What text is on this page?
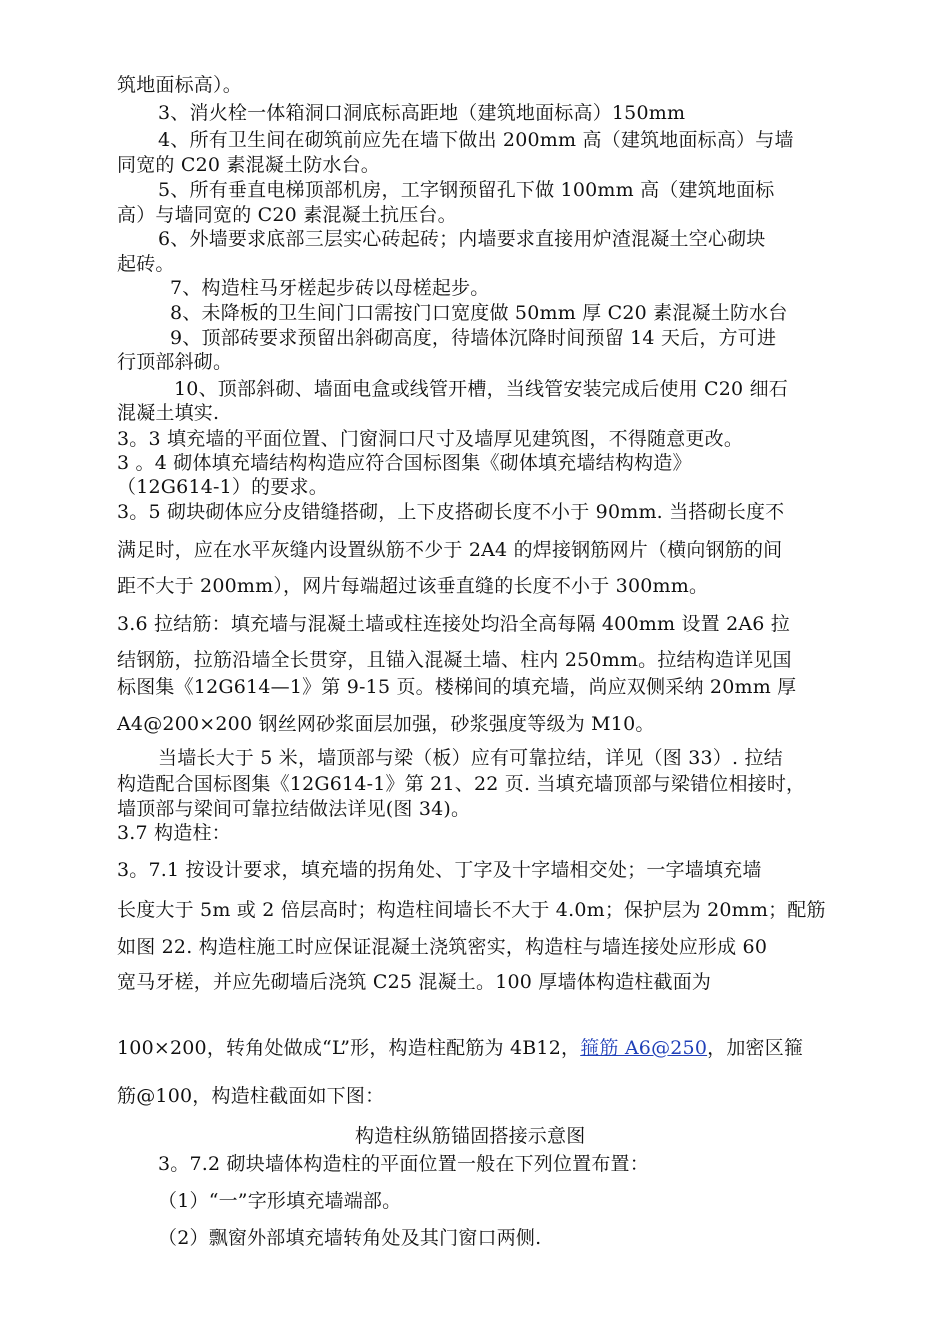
筑地面标高）。
3、消火栓一体箱洞口洞底标高距地（建筑地面标高）150mm
4、所有卫生间在砌筑前应先在墙下做出 200mm 高（建筑地面标高）与墙
同宽的 C20 素混凝土防水台。
5、所有垂直电梯顶部机房，工字钢预留孔下做 100mm 高（建筑地面标
高）与墙同宽的 C20 素混凝土抗压台。
6、外墙要求底部三层实心砖起砖；内墙要求直接用炉渣混凝土空心砌块
起砖。
7、构造柱马牙槎起步砖以母槎起步。
8、未降板的卫生间门口需按门口宽度做 50mm 厚 C20 素混凝土防水台
9、顶部砖要求预留出斜砌高度，待墙体沉降时间预留 14 天后，方可进
行顶部斜砌。
10、顶部斜砌、墙面电盒或线管开槽，当线管安装完成后使用 C20 细石
混凝土填实.
3。3 填充墙的平面位置、门窗洞口尺寸及墙厚见建筑图，不得随意更改。
3 。4 砌体填充墙结构构造应符合国标图集《砌体填充墙结构构造》
（12G614-1）的要求。
3。5 砌块砌体应分皮错缝搭砌，上下皮搭砌长度不小于 90mm. 当搭砌长度不
满足时，应在水平灰缝内设置纵筋不少于 2A4 的焊接钢筋网片（横向钢筋的间
距不大于 200mm），网片每端超过该垂直缝的长度不小于 300mm。
3.6 拉结筋：填充墙与混凝土墙或柱连接处均沿全高每隔 400mm 设置 2A6 拉
结钢筋，拉筋沿墙全长贯穿，且锚入混凝土墙、柱内 250mm。拉结构造详见国
标图集《12G614—1》第 9-15 页。楼梯间的填充墙，尚应双侧采纳 20mm 厚
A4@200×200 钢丝网砂浆面层加强，砂浆强度等级为 M10。
当墙长大于 5 米，墙顶部与梁（板）应有可靠拉结，详见（图 33）. 拉结
构造配合国标图集《12G614-1》第 21、22 页. 当填充墙顶部与梁错位相接时，
墙顶部与梁间可靠拉结做法详见(图 34)。
3.7 构造柱：
3。7.1 按设计要求，填充墙的拐角处、丁字及十字墙相交处；一字墙填充墙
长度大于 5m 或 2 倍层高时；构造柱间墙长不大于 4.0m；保护层为 20mm；配筋
如图 22. 构造柱施工时应保证混凝土浇筑密实，构造柱与墙连接处应形成 60
宽马牙槎，并应先砌墙后浇筑 C25 混凝土。100 厚墙体构造柱截面为
100×200，转角处做成“L”形，构造柱配筋为 4B12，箍筋 A6@250，加密区箍
筋@100，构造柱截面如下图：
构造柱纵筋锚固搭接示意图
3。7.2 砌块墙体构造柱的平面位置一般在下列位置布置：
（1）“一”字形填充墙端部。
（2）飘窗外部填充墙转角处及其门窗口两侧.
